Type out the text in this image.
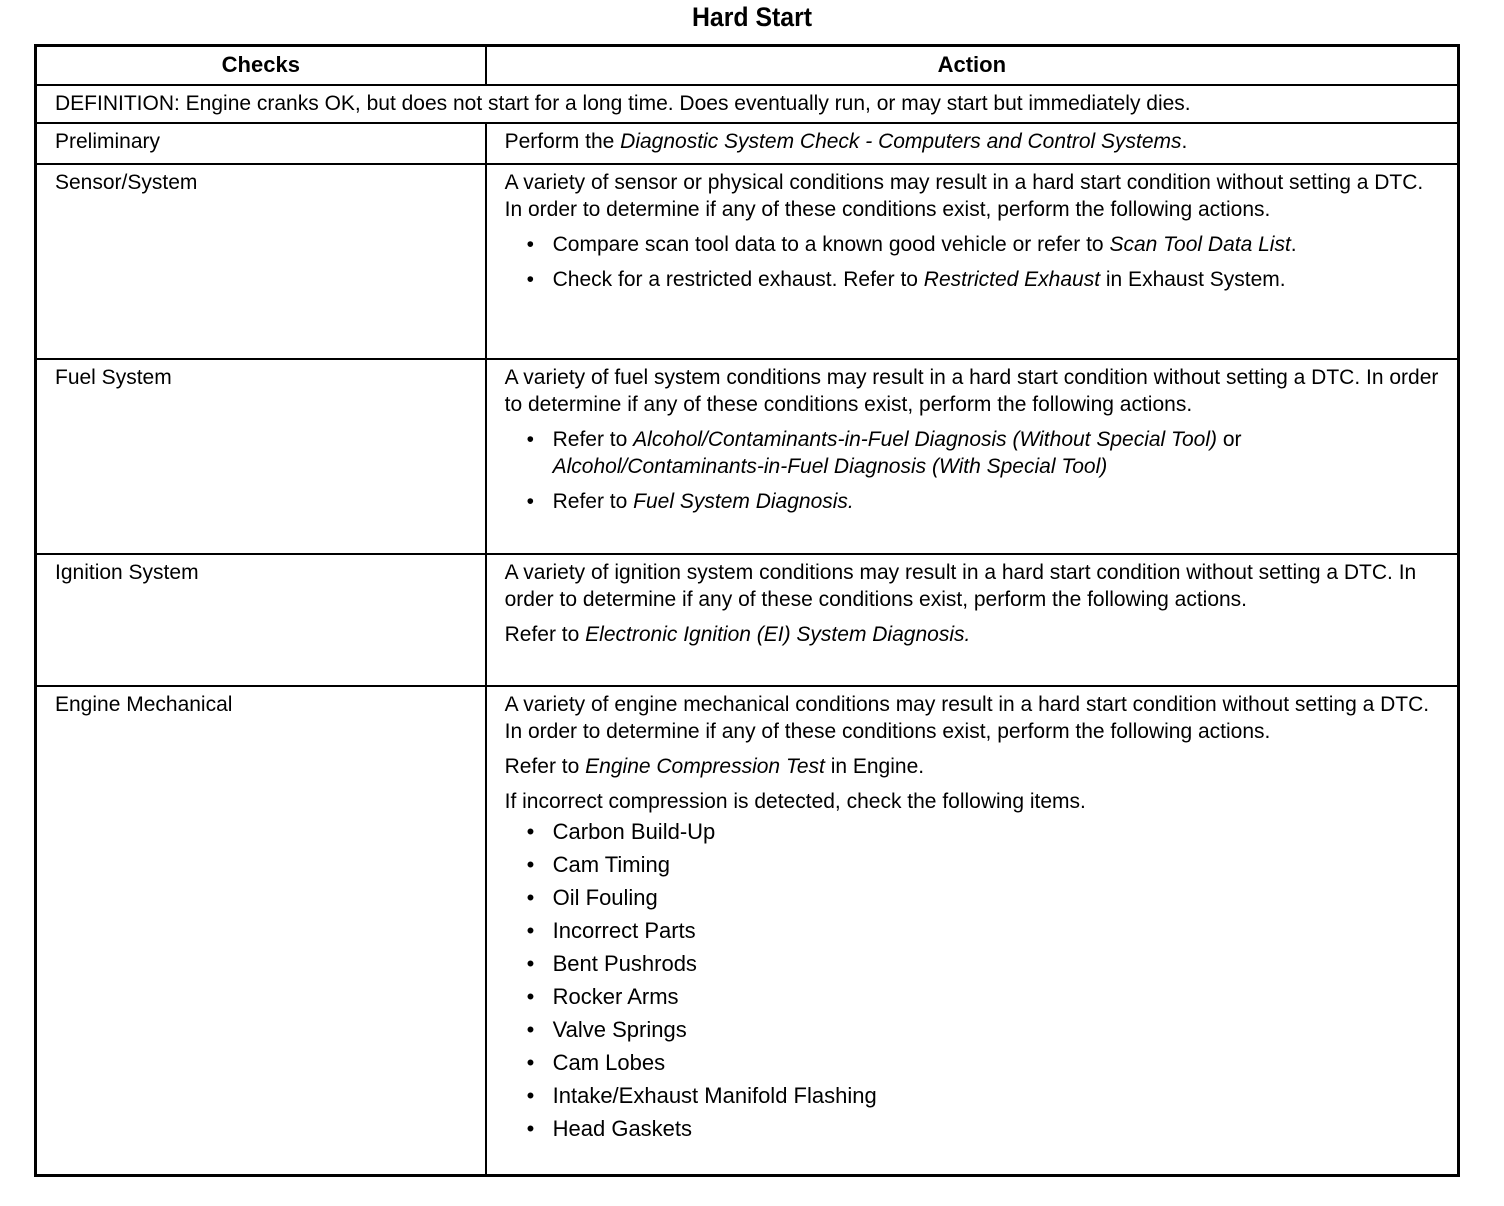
Hard Start
Checks	Action
DEFINITION: Engine cranks OK, but does not start for a long time. Does eventually run, or may start but immediately dies.	
Preliminary	Perform the Diagnostic System Check - Computers and Control Systems.
Sensor/System	A variety of sensor or physical conditions may result in a hard start condition without setting a DTC. In order to determine if any of these conditions exist, perform the following actions.
• Compare scan tool data to a known good vehicle or refer to Scan Tool Data List.
• Check for a restricted exhaust. Refer to Restricted Exhaust in Exhaust System.

Fuel System	A variety of fuel system conditions may result in a hard start condition without setting a DTC. In order to determine if any of these conditions exist, perform the following actions.
• Refer to Alcohol/Contaminants-in-Fuel Diagnosis (Without Special Tool) or Alcohol/Contaminants-in-Fuel Diagnosis (With Special Tool)
• Refer to Fuel System Diagnosis.

Ignition System	A variety of ignition system conditions may result in a hard start condition without setting a DTC. In order to determine if any of these conditions exist, perform the following actions.
Refer to Electronic Ignition (EI) System Diagnosis.

Engine Mechanical	A variety of engine mechanical conditions may result in a hard start condition without setting a DTC. In order to determine if any of these conditions exist, perform the following actions.
Refer to Engine Compression Test in Engine.
If incorrect compression is detected, check the following items.
• Carbon Build-Up
• Cam Timing
• Oil Fouling
• Incorrect Parts
• Bent Pushrods
• Rocker Arms
• Valve Springs
• Cam Lobes
• Intake/Exhaust Manifold Flashing
• Head Gaskets
